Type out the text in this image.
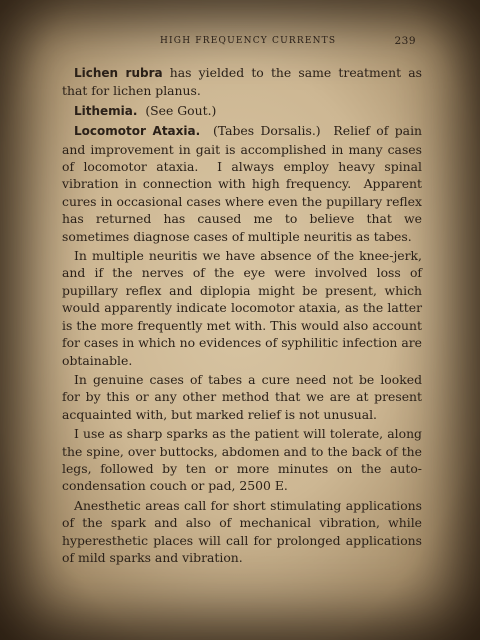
HIGH FREQUENCY CURRENTS	239

Lichen rubra has yielded to the same treatment as that for lichen planus.

Lithemia.  (See Gout.)

Locomotor Ataxia.  (Tabes Dorsalis.)  Relief of pain and improvement in gait is accomplished in many cases of locomotor ataxia.  I always employ heavy spinal vibration in connection with high frequency.  Apparent cures in occasional cases where even the pupillary reflex has returned has caused me to believe that we sometimes diagnose cases of multiple neuritis as tabes.

In multiple neuritis we have absence of the knee-jerk, and if the nerves of the eye were involved loss of pupillary reflex and diplopia might be present, which would apparently indicate locomotor ataxia, as the latter is the more frequently met with. This would also account for cases in which no evidences of syphilitic infection are obtainable.

In genuine cases of tabes a cure need not be looked for by this or any other method that we are at present acquainted with, but marked relief is not unusual.

I use as sharp sparks as the patient will tolerate, along the spine, over buttocks, abdomen and to the back of the legs, followed by ten or more minutes on the auto-condensation couch or pad, 2500 E.

Anesthetic areas call for short stimulating applications of the spark and also of mechanical vibration, while hyperesthetic places will call for prolonged applications of mild sparks and vibration.
